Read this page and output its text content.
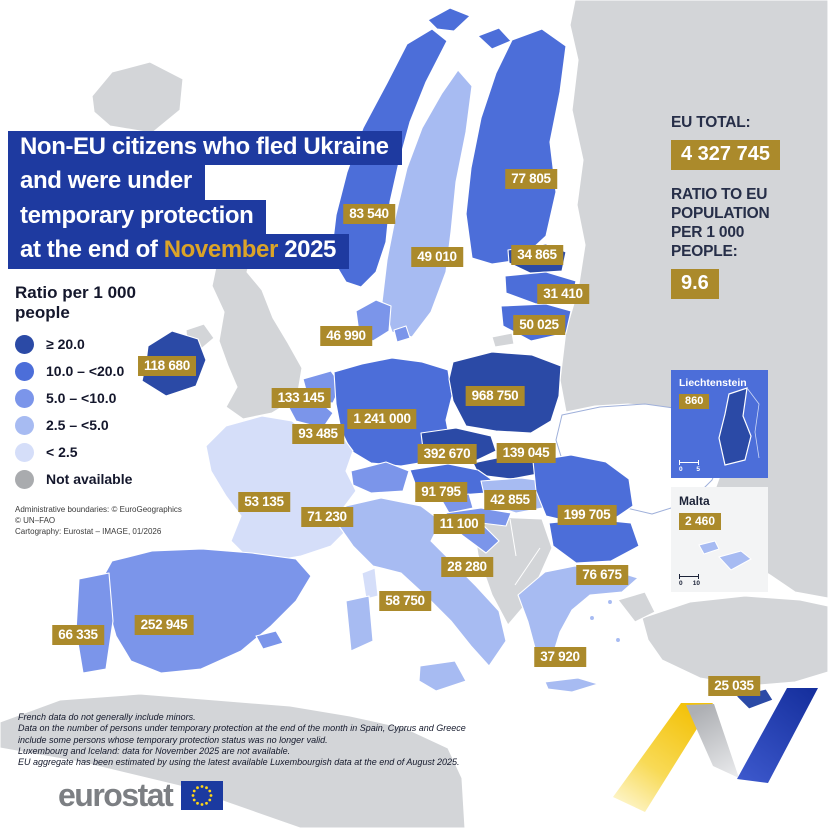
77 805
83 540
49 010	34 865
31 410
50 025
46 990
118 680
133 145	968 750
1 241 000
93 485
392 670	139 045
91 795
42 855
53 135
199 705
71 230	11 100
28 280
76 675
58 750
252 945
66 335
37 920
25 035
Non-EU citizens who fled Ukraine
and were under
temporary protection
at the end of November 2025
Ratio per 1 000 people
≥ 20.0
10.0 – <20.0
5.0 – <10.0
2.5 – <5.0
< 2.5
Not available
Administrative boundaries: © EuroGeographics
© UN–FAO
Cartography: Eurostat – IMAGE, 01/2026
EU TOTAL:
4 327 745
RATIO TO EU POPULATION PER 1 000 PEOPLE:
9.6
Liechtenstein
860
0 5
Malta
2 460
0 10
French data do not generally include minors.
Data on the number of persons under temporary protection at the end of the month in Spain, Cyprus and Greece
include some persons whose temporary protection status was no longer valid.
Luxembourg and Iceland: data for November 2025 are not available.
EU aggregate has been estimated by using the latest available Luxembourgish data at the end of August 2025.
eurostat
